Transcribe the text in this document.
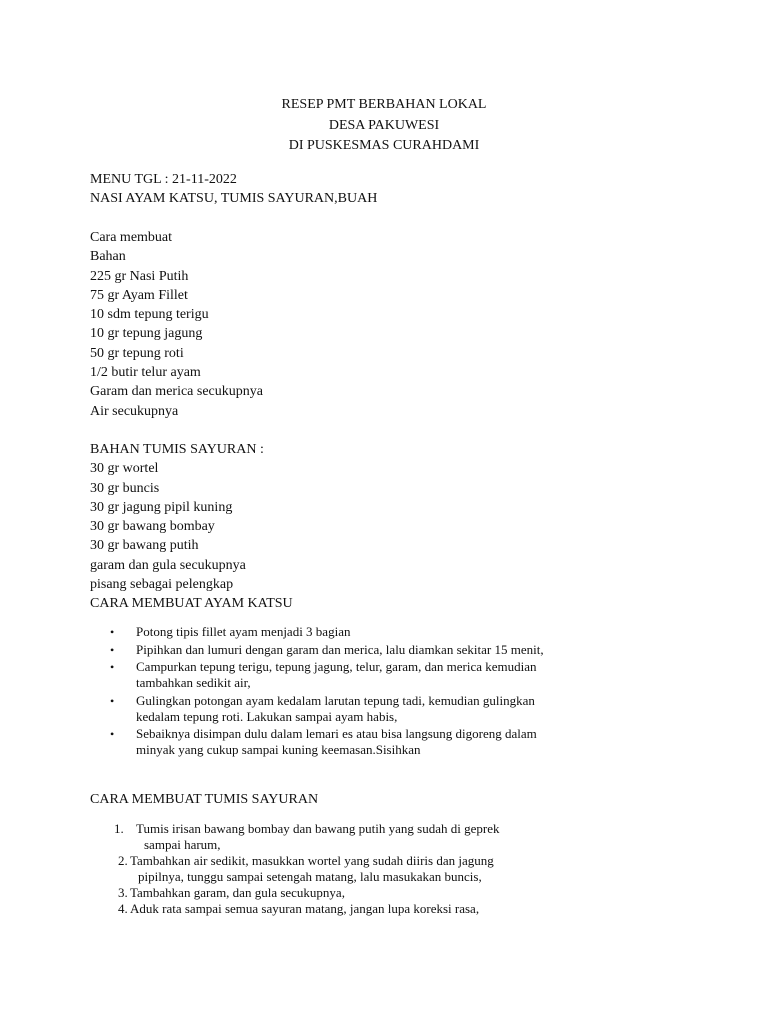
RESEP PMT BERBAHAN LOKAL
DESA PAKUWESI
DI PUSKESMAS CURAHDAMI
MENU TGL : 21-11-2022
NASI AYAM KATSU, TUMIS SAYURAN,BUAH
Cara membuat
Bahan
225 gr Nasi Putih
75 gr Ayam Fillet
10 sdm tepung terigu
10 gr tepung jagung
50 gr tepung roti
1/2 butir telur ayam
Garam dan merica secukupnya
Air secukupnya
BAHAN TUMIS SAYURAN :
30 gr wortel
30 gr buncis
30 gr jagung pipil kuning
30 gr bawang bombay
30 gr bawang putih
garam dan gula secukupnya
pisang sebagai pelengkap
CARA MEMBUAT AYAM KATSU
• Potong tipis fillet ayam menjadi 3 bagian
• Pipihkan dan lumuri dengan garam dan merica, lalu diamkan sekitar 15 menit,
• Campurkan tepung terigu, tepung jagung, telur, garam, dan merica kemudian
tambahkan sedikit air,
• Gulingkan potongan ayam kedalam larutan tepung tadi, kemudian gulingkan
kedalam tepung roti. Lakukan sampai ayam habis,
• Sebaiknya disimpan dulu dalam lemari es atau bisa langsung digoreng dalam
minyak yang cukup sampai kuning keemasan.Sisihkan
CARA MEMBUAT TUMIS SAYURAN
1. Tumis irisan bawang bombay dan bawang putih yang sudah di geprek
sampai harum,
2. Tambahkan air sedikit, masukkan wortel yang sudah diiris dan jagung
pipilnya, tunggu sampai setengah matang, lalu masukakan buncis,
3. Tambahkan garam, dan gula secukupnya,
4. Aduk rata sampai semua sayuran matang, jangan lupa koreksi rasa,
